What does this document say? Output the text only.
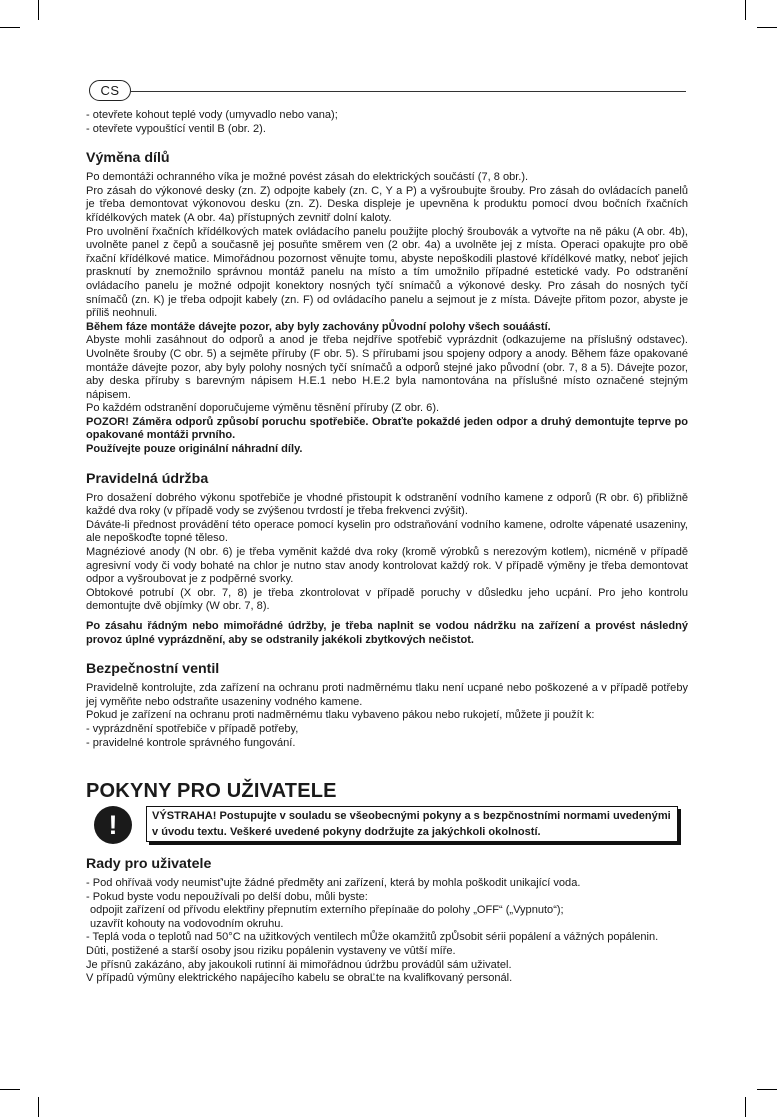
CS

- otevřete kohout teplé vody (umyvadlo nebo vana);

- otevřete vypouštící ventil B (obr. 2).

Výměna dílů

Po demontáži ochranného víka je možné povést zásah do elektrických součástí (7, 8 obr.).

Pro zásah do výkonové desky (zn. Z) odpojte kabely (zn. C, Y a P) a vyšroubujte šrouby. Pro zásah do ovládacích panelů je třeba demontovat výkonovou desku (zn. Z). Deska displeje je upevněna k produktu pomocí dvou bočních řxačních křídélkových matek (A obr. 4a) přístupných zevnitř dolní kaloty.

Pro uvolnění řxačních křídélkových matek ovládacího panelu použijte plochý šroubovák a vytvořte na ně páku (A obr. 4b), uvolněte panel z čepů a současně jej posuňte směrem ven (2 obr. 4a) a uvolněte jej z místa. Operaci opakujte pro obě řxační křídélkové matice. Mimořádnou pozornost věnujte tomu, abyste nepoškodili plastové křídélkové matky, neboť jejich prasknutí by znemožnilo správnou montáž panelu na místo a tím umožnilo případné estetické vady. Po odstranění ovládacího panelu je možné odpojit konektory nosných tyčí snímačů a výkonové desky. Pro zásah do nosných tyčí snímačů (zn. K) je třeba odpojit kabely (zn. F) od ovládacího panelu a sejmout je z místa. Dávejte přitom pozor, abyste je příliš neohnuli.

Během fáze montáže dávejte pozor, aby byly zachovány pŮvodní polohy všech souáástí.

Abyste mohli zasáhnout do odporů a anod je třeba nejdříve spotřebič vyprázdnit (odkazujeme na příslušný odstavec). Uvolněte šrouby (C obr. 5) a sejměte příruby (F obr. 5). S přírubami jsou spojeny odpory a anody. Během fáze opakované montáže dávejte pozor, aby byly polohy nosných tyčí snímačů a odporů stejné jako původní (obr. 7, 8 a 5). Dávejte pozor, aby deska příruby s barevným nápisem H.E.1 nebo H.E.2 byla namontována na příslušné místo označené stejným nápisem.

Po každém odstranění doporučujeme výměnu těsnění příruby (Z obr. 6).

POZOR! Záměra odporů způsobí poruchu spotřebiče. Obraťte pokaždé jeden odpor a druhý demontujte teprve po opakované montáži prvního.

Používejte pouze originální náhradní díly.

Pravidelná údržba

Pro dosažení dobrého výkonu spotřebiče je vhodné přistoupit k odstranění vodního kamene z odporů (R obr. 6) přibližně každé dva roky (v případě vody se zvýšenou tvrdostí je třeba frekvenci zvýšit).

Dáváte-li přednost provádění této operace pomocí kyselin pro odstraňování vodního kamene, odrolte vápenaté usazeniny, ale nepoškoďte topné těleso.

Magnéziové anody (N obr. 6) je třeba vyměnit každé dva roky (kromě výrobků s nerezovým kotlem), nicméně v případě agresivní vody či vody bohaté na chlor je nutno stav anody kontrolovat každý rok. V případě výměny je třeba demontovat odpor a vyšroubovat je z podpěrné svorky.

Obtokové potrubí (X obr. 7, 8) je třeba zkontrolovat v případě poruchy v důsledku jeho ucpání. Pro jeho kontrolu demontujte dvě objímky (W obr. 7, 8).

Po zásahu řádným nebo mimořádné údržby, je třeba naplnit se vodou nádržku na zařízení a provést následný provoz úplné vyprázdnění, aby se odstranily jakékoli zbytkových nečistot.

Bezpečnostní ventil

Pravidelně kontrolujte, zda zařízení na ochranu proti nadměrnému tlaku není ucpané nebo poškozené a v případě potřeby jej vyměňte nebo odstraňte usazeniny vodného kamene.

Pokud je zařízení na ochranu proti nadměrnému tlaku vybaveno pákou nebo rukojetí, můžete ji použít k:

- vyprázdnění spotřebiče v případě potřeby,

- pravidelné kontrole správného fungování.

POKYNY PRO UŽIVATELE
!	VÝSTRAHA! Postupujte v souladu se všeobecnými pokyny a s bezpčnostními normami uvedenými v úvodu textu. Veškeré uvedené pokyny dodržujte za jakýchkoli okolností.
Rady pro uživatele

- Pod ohřívaä vody neumisť'ujte žádné předměty ani zařízení, která by mohla poškodit unikající voda.

- Pokud byste vodu nepoužívali po delší dobu, můli byste:

odpojit zařízení od přívodu elektřiny přepnutím externího přepínaäe do polohy „OFF“ („Vypnuto“);

uzavřít kohouty na vodovodním okruhu.

- Teplá voda o teplotů nad 50°C na užitkových ventilech mŮže okamžitů zpŮsobit sérii popálení a vážných popálenin.

Dûti, postižené a starší osoby jsou riziku popálenin vystaveny ve vûtší míře.

Je přísnû zakázáno, aby jakoukoli rutinní äi mimořádnou údržbu provádûl sám uživatel.

V případû výmûny elektrického napájecího kabelu se obraĽte na kvalifkovaný personál.
